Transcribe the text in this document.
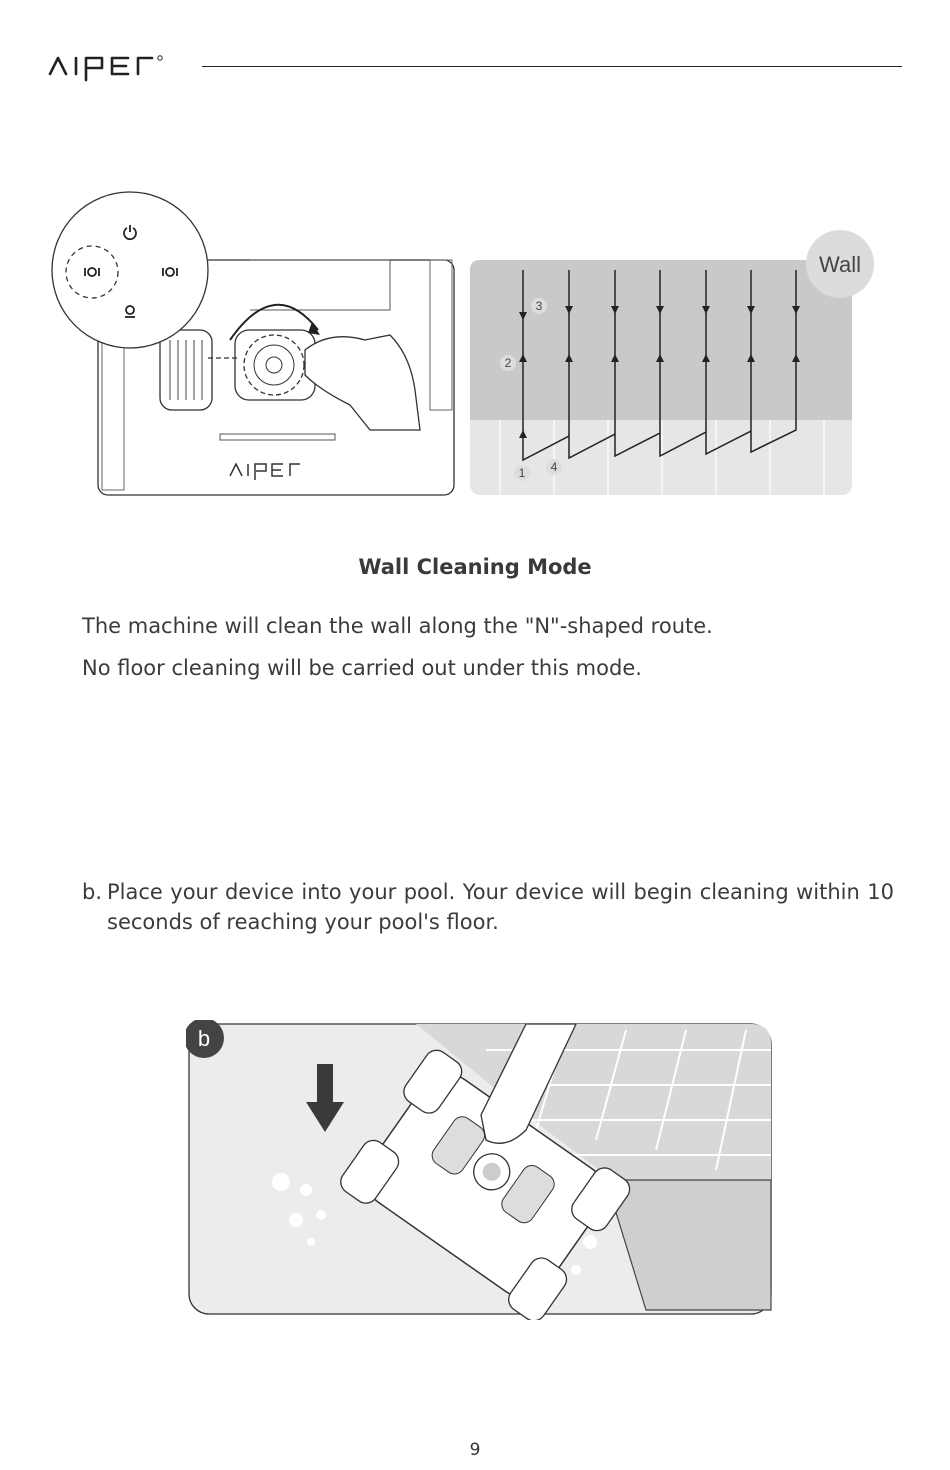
Wall
1
2
3
4
Wall Cleaning Mode
The machine will clean the wall along the "N"-shaped route.
No floor cleaning will be carried out under this mode.
b. Place your device into your pool. Your device will begin cleaning within 10 seconds of reaching your pool's floor.
b
9
